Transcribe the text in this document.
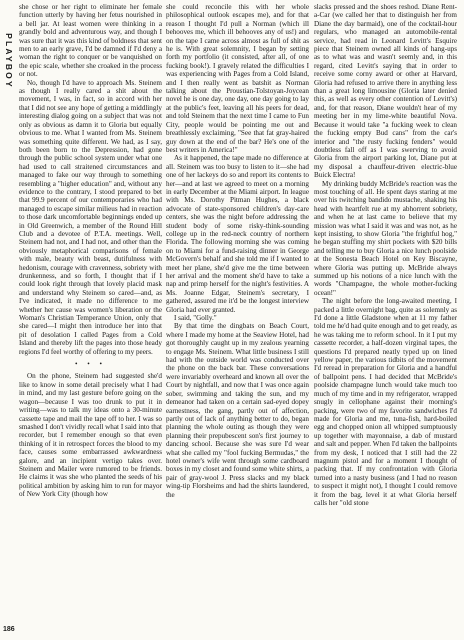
PLAYBOY

she chose or her right to eliminate her female function utterly by having her fetus nourished in a bell jar. At least women were thinking in a grandly bold and adventurous way, and though I was sure that it was this kind of boldness that sent men to an early grave, I'd be damned if I'd deny a woman the right to conquer or be vanquished on the epic scale, whether she croaked in the process or not.

No, though I'd have to approach Ms. Steinem as though I really cared a shit about the movement, I was, in fact, so in accord with her that I did not see any hope of getting a middlingly interesting dialog going on a subject that was not only as obvious as damn it to Gloria but equally obvious to me. What I wanted from Ms. Steinem was something quite different. We had, as I say, both been born to the Depression, had gone through the public school system under what one had used to call straitened circumstances and managed to fake our way through to something resembling a "higher education" and, without any evidence to the contrary, I stood prepared to bet that 99.9 percent of our contemporaries who had managed to escape similar milieus had in reaction to those dark uncomfortable beginnings ended up in Old Greenwich, a member of the Round Hill Club and a devotee of P.T.A. meetings. Well, Steinem had not, and I had not, and other than the obviously metaphorical comparisons of female with male, beauty with beast, dutifulness with hedonism, courage with cravenness, sobriety with drunkenness, and so forth, I thought that if I could look right through that lovely placid mask and understand why Steinem so cared—and, as I've indicated, it made no difference to me whether her cause was women's liberation or the Woman's Christian Temperance Union, only that she cared—I might then introduce her into that pit of desolation I called Pages from a Cold Island and thereby lift the pages into those heady regions I'd feel worthy of offering to my peers.

• • •

On the phone, Steinem had suggested she'd like to know in some detail precisely what I had in mind, and my last gesture before going on the wagon—because I was too drunk to put it in writing—was to talk my ideas onto a 30-minute cassette tape and mail the tape off to her. I was so smashed I don't vividly recall what I said into that recorder, but I remember enough so that even thinking of it in retrospect forces the blood to my face, causes some embarrassed awkwardness galore, and an incipient vertigo takes over. Steinem and Mailer were rumored to be friends. He claims it was she who planted the seeds of his political ambition by asking him to run for mayor of New York City (though how

she could reconcile this with her whole philosophical outlook escapes me), and for that reason I thought I'd pull a Norman (which ill behooves me, which ill behooves any of us!) and on the tape I came across almost as full of shit as he is. With great solemnity, I began by setting forth my portfolio (it consisted, after all, of one fucking book!). I gravely related the difficulties I was experiencing with Pages from a Cold Island, and I then really went as batshit as Norman talking about the Proustian-Tolstoyan-Joycean novel he is one day, one day, one day going to lay at the public's feet, leaving all his peers for dead, and told Steinem that the next time I came to Fun City, people would be pointing me out and breathlessly exclaiming, "See that fat gray-haired guy down at the end of the bar? He's one of the best writers in America!"

As it happened, the tape made no difference at all. Steinem was too busy to listen to it—she had one of her lackeys do so and report its contents to her—and at last we agreed to meet on a morning in early December at the Miami airport. In league with Ms. Dorothy Pitman Hughes, a black advocate of state-sponsored children's day-care centers, she was the night before addressing the student body of some risky-think-sounding college up in the red-neck country of northern Florida. The following morning she was coming on to Miami for a fund-raising dinner in George McGovern's behalf and she told me if I wanted to meet her plane, she'd give me the time between her arrival and the moment she'd have to take a nap and primp herself for the night's festivities. A Ms. Joanne Edgar, Steinem's secretary, I gathered, assured me it'd be the longest interview Gloria had ever granted.

I said, "Golly."

By that time the dingbats on Beach Court, where I made my home at the Seaview Hotel, had got thoroughly caught up in my zealous yearning to engage Ms. Steinem. What little business I still had with the outside world was conducted over the phone on the back bar. These conversations were invariably overheard and known all over the Court by nightfall, and now that I was once again sober, swimming and taking the sun, and my demeanor had taken on a certain sad-eyed dopey earnestness, the gang, partly out of affection, partly out of lack of anything better to do, began planning the whole outing as though they were planning their prepubescent son's first journey to dancing school. Because she was sure I'd wear what she called my "fool fucking Bermudas," the hotel owner's wife went through some cardboard boxes in my closet and found some white shirts, a pair of gray-wool J. Press slacks and my black wing-tip Florsheims and had the shirts laundered, the

slacks pressed and the shoes reshod. Diane Rent-a-Car (we called her that to distinguish her from Diane the day barmaid), one of the cocktail-hour regulars, who managed an automobile-rental service, had read in Leonard Levitt's Esquire piece that Steinem owned all kinds of hang-ups as to what was and wasn't seemly and, in this regard, cited Levitt's saying that in order to receive some corny award or other at Harvard, Gloria had refused to arrive there in anything less than a great long limousine (Gloria later denied this, as well as every other contention of Levitt's) and, for that reason, Diane wouldn't hear of my meeting her in my lime-white beautiful Nova. Because it would take "a fucking week to clean the fucking empty Bud cans" from the car's interior and "the rusty fucking fenders" would doubtless fall off as I was swerving to avoid Gloria from the airport parking lot, Diane put at my disposal a chauffeur-driven electric-blue Buick Electra!

My drinking buddy McBride's reaction was the most touching of all. He spent days staring at me over his twitching bandido mustache, shaking his head with heartfelt rue at my abhorrent sobriety, and when he at last came to believe that my mission was what I said it was and was not, as he kept insisting, to show Gloria "the frightful hog," he began stuffing my shirt pockets with $20 bills and telling me to buy Gloria a nice lunch poolside at the Sonesta Beach Hotel on Key Biscayne, where Gloria was putting up. McBride always summed up his notions of a nice lunch with the words "Champagne, the whole mother-fucking ocean!"

The night before the long-awaited meeting, I packed a little overnight bag, quite as solemnly as I'd done a little Gladstone when at 11 my father told me he'd had quite enough and to get ready, as he was taking me to reform school. In it I put my cassette recorder, a half-dozen virginal tapes, the questions I'd prepared neatly typed up on lined yellow paper, the various tidbits of the movement I'd reread in preparation for Gloria and a handful of ballpoint pens. I had decided that McBride's poolside champagne lunch would take much too much of my time and in my refrigerator, wrapped snugly in cellophane against their morning's packing, were two of my favorite sandwiches I'd made for Gloria and me, tuna-fish, hard-boiled egg and chopped onion all whipped sumptuously up together with mayonnaise, a dab of mustard and salt and pepper. When I'd taken the ballpoints from my desk, I noticed that I still had the 22 magnum pistol and for a moment I thought of packing that. If my confrontation with Gloria turned into a nasty business (and I had no reason to suspect it might not), I thought I could remove it from the bag, level it at what Gloria herself calls her "old stone

186
